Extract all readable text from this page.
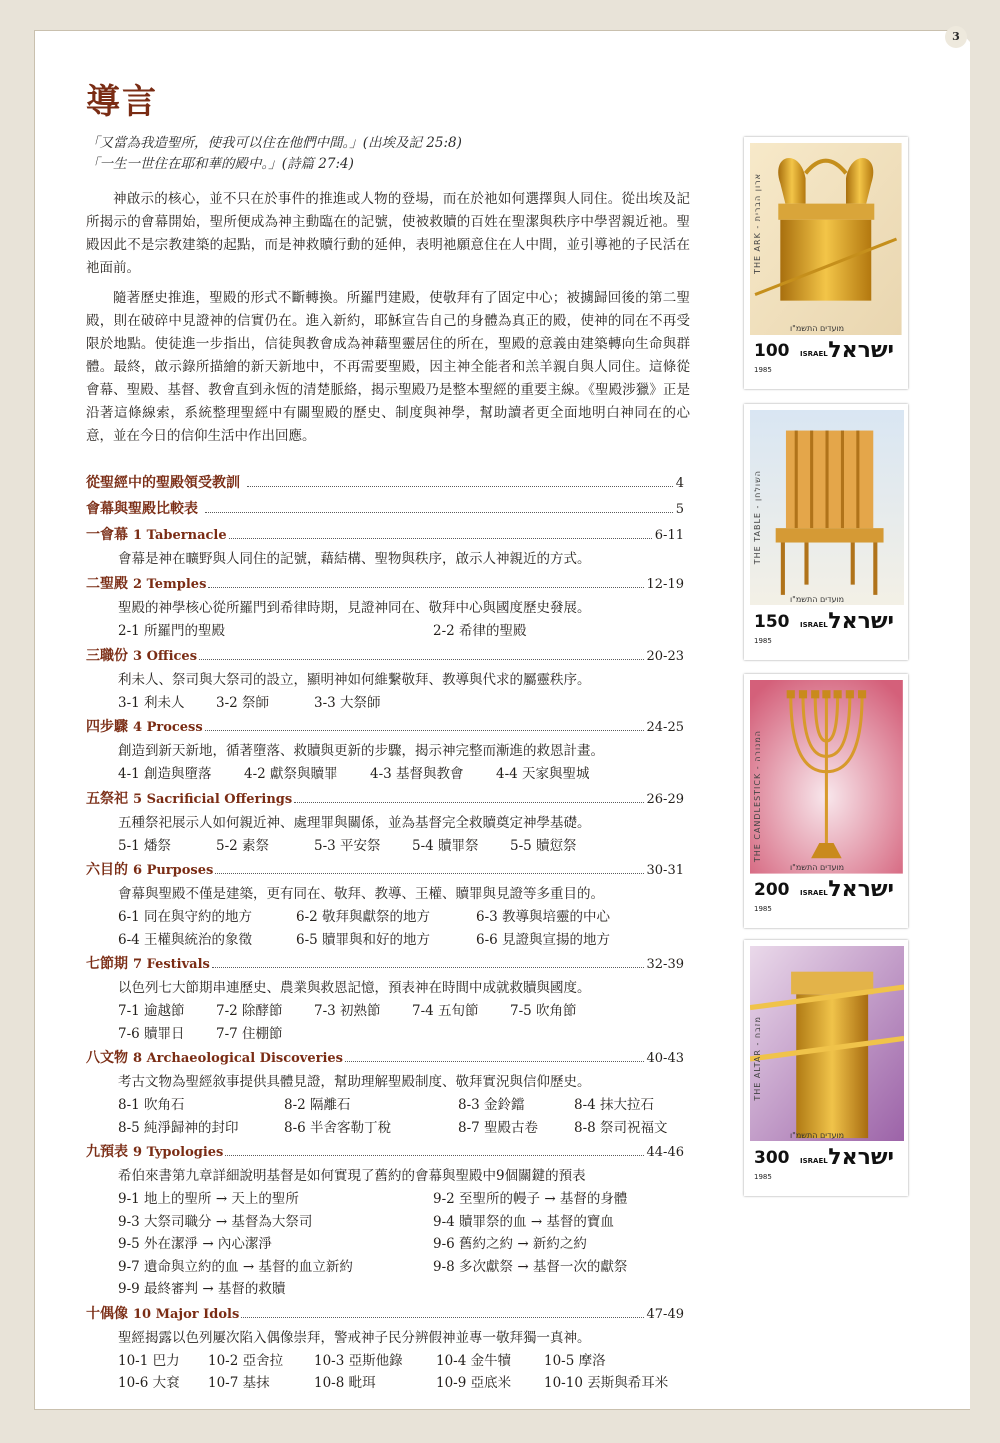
3
導言
「又當為我造聖所，使我可以住在他們中間。」(出埃及記 25:8)
「一生一世住在耶和華的殿中。」(詩篇 27:4)

神啟示的核心，並不只在於事件的推進或人物的登場，而在於祂如何選擇與人同住。從出埃及記所揭示的會幕開始，聖所便成為神主動臨在的記號，使被救贖的百姓在聖潔與秩序中學習親近祂。聖殿因此不是宗教建築的起點，而是神救贖行動的延伸，表明祂願意住在人中間，並引導祂的子民活在祂面前。

隨著歷史推進，聖殿的形式不斷轉換。所羅門建殿，使敬拜有了固定中心；被擄歸回後的第二聖殿，則在破碎中見證神的信實仍在。進入新約，耶穌宣告自己的身體為真正的殿，使神的同在不再受限於地點。使徒進一步指出，信徒與教會成為神藉聖靈居住的所在，聖殿的意義由建築轉向生命與群體。最終，啟示錄所描繪的新天新地中，不再需要聖殿，因主神全能者和羔羊親自與人同住。這條從會幕、聖殿、基督、教會直到永恆的清楚脈絡，揭示聖殿乃是整本聖經的重要主線。《聖殿涉獵》正是沿著這條線索，系統整理聖經中有關聖殿的歷史、制度與神學，幫助讀者更全面地明白神同在的心意，並在今日的信仰生活中作出回應。

從聖經中的聖殿領受教訓	4
會幕與聖殿比較表	5
一會幕 1 Tabernacle	6-11
會幕是神在曠野與人同住的記號，藉結構、聖物與秩序，啟示人神親近的方式。
二聖殿 2 Temples	12-19
聖殿的神學核心從所羅門到希律時期，見證神同在、敬拜中心與國度歷史發展。
2-1 所羅門的聖殿	2-2 希律的聖殿
三職份 3 Offices	20-23
利未人、祭司與大祭司的設立，顯明神如何維繫敬拜、教導與代求的屬靈秩序。
3-1 利未人	3-2 祭師	3-3 大祭師
四步驟 4 Process	24-25
創造到新天新地，循著墮落、救贖與更新的步驟，揭示神完整而漸進的救恩計畫。
4-1 創造與墮落	4-2 獻祭與贖罪	4-3 基督與教會	4-4 天家與聖城
五祭祀 5 Sacrificial Offerings	26-29
五種祭祀展示人如何親近神、處理罪與關係，並為基督完全救贖奠定神學基礎。
5-1 燔祭	5-2 素祭	5-3 平安祭	5-4 贖罪祭	5-5 贖愆祭
六目的 6 Purposes	30-31
會幕與聖殿不僅是建築，更有同在、敬拜、教導、王權、贖罪與見證等多重目的。
6-1 同在與守約的地方	6-2 敬拜與獻祭的地方	6-3 教導與培靈的中心
6-4 王權與統治的象徵	6-5 贖罪與和好的地方	6-6 見證與宣揚的地方
七節期 7 Festivals	32-39
以色列七大節期串連歷史、農業與救恩記憶，預表神在時間中成就救贖與國度。
7-1 逾越節	7-2 除酵節	7-3 初熟節	7-4 五旬節	7-5 吹角節
7-6 贖罪日	7-7 住棚節
八文物 8 Archaeological Discoveries	40-43
考古文物為聖經敘事提供具體見證，幫助理解聖殿制度、敬拜實況與信仰歷史。
8-1 吹角石	8-2 隔離石	8-3 金鈴鐺	8-4 抹大拉石
8-5 純淨歸神的封印	8-6 半舍客勒丁稅	8-7 聖殿古卷	8-8 祭司祝福文
九預表 9 Typologies	44-46
希伯來書第九章詳細說明基督是如何實現了舊約的會幕與聖殿中9個關鍵的預表
9-1 地上的聖所 → 天上的聖所	9-2 至聖所的幔子 → 基督的身體
9-3 大祭司職分 → 基督為大祭司	9-4 贖罪祭的血 → 基督的寶血
9-5 外在潔淨 → 內心潔淨	9-6 舊約之約 → 新約之約
9-7 遺命與立約的血 → 基督的血立新約	9-8 多次獻祭 → 基督一次的獻祭
9-9 最終審判 → 基督的救贖
十偶像 10 Major Idols	47-49
聖經揭露以色列屢次陷入偶像崇拜，警戒神子民分辨假神並專一敬拜獨一真神。
10-1 巴力	10-2 亞舍拉	10-3 亞斯他錄	10-4 金牛犢	10-5 摩洛
10-6 大袞	10-7 基抹	10-8 毗珥	10-9 亞底米	10-10 丟斯與希耳米
THE ARK - ארון הברית
מועדים התשמ"ו
100 ISRAEL ישראל
1985
THE TABLE - השולחן
מועדים התשמ"ו
150 ISRAEL ישראל
1985
THE CANDLESTICK - המנורה
מועדים התשמ"ו
200 ISRAEL ישראל
1985
THE ALTAR - מזבח
מועדים התשמ"ו
300 ISRAEL ישראל
1985
